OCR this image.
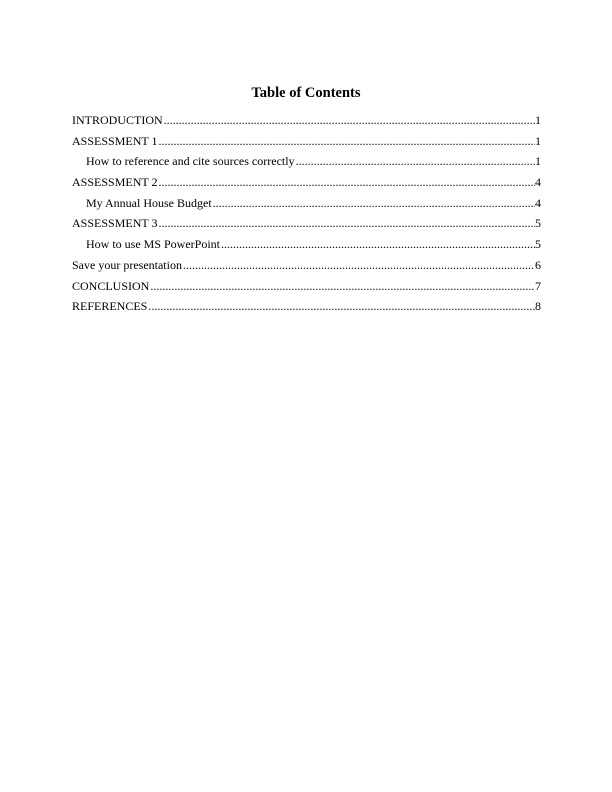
Table of Contents
INTRODUCTION .....	1
ASSESSMENT 1 .....	1
How to reference and cite sources correctly .....	1
ASSESSMENT 2 .....	4
My Annual House Budget .....	4
ASSESSMENT 3 .....	5
How to use MS PowerPoint .....	5
Save your presentation .....	6
CONCLUSION .....	7
REFERENCES .....	8
